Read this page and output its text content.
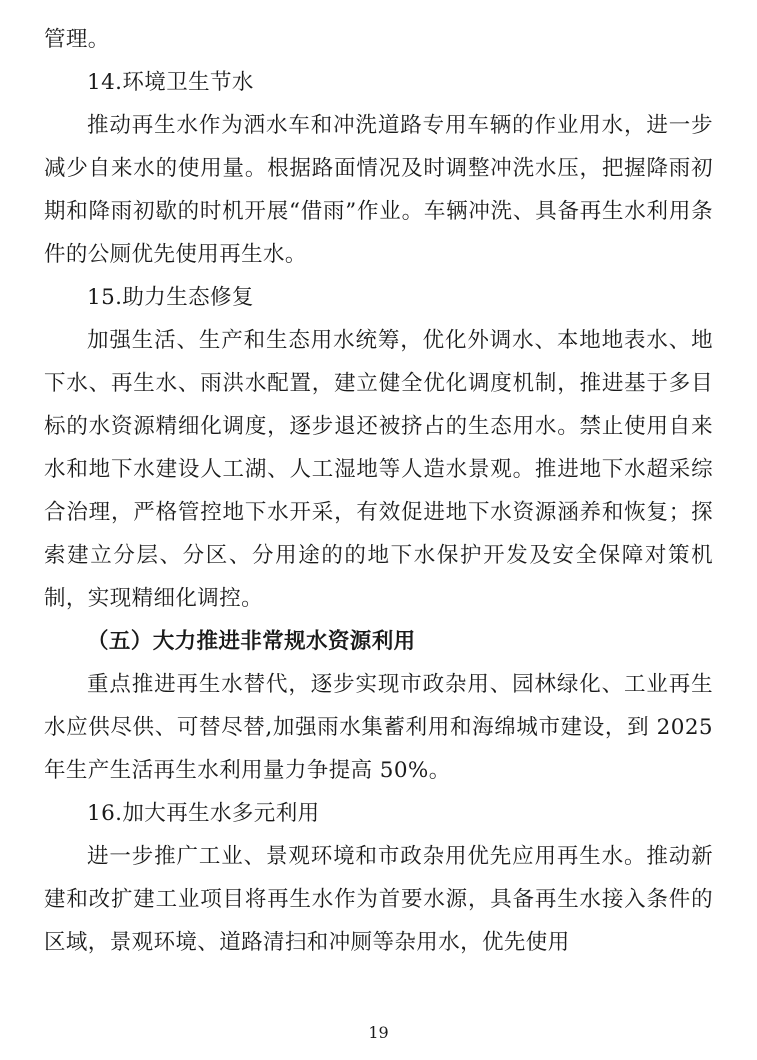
管理。

14.环境卫生节水

推动再生水作为洒水车和冲洗道路专用车辆的作业用水，进一步减少自来水的使用量。根据路面情况及时调整冲洗水压，把握降雨初期和降雨初歇的时机开展“借雨”作业。车辆冲洗、具备再生水利用条件的公厕优先使用再生水。

15.助力生态修复

加强生活、生产和生态用水统筹，优化外调水、本地地表水、地下水、再生水、雨洪水配置，建立健全优化调度机制，推进基于多目标的水资源精细化调度，逐步退还被挤占的生态用水。禁止使用自来水和地下水建设人工湖、人工湿地等人造水景观。推进地下水超采综合治理，严格管控地下水开采，有效促进地下水资源涵养和恢复；探索建立分层、分区、分用途的的地下水保护开发及安全保障对策机制，实现精细化调控。

（五）大力推进非常规水资源利用

重点推进再生水替代，逐步实现市政杂用、园林绿化、工业再生水应供尽供、可替尽替,加强雨水集蓄利用和海绵城市建设，到 2025 年生产生活再生水利用量力争提高 50%。

16.加大再生水多元利用

进一步推广工业、景观环境和市政杂用优先应用再生水。推动新建和改扩建工业项目将再生水作为首要水源，具备再生水接入条件的区域，景观环境、道路清扫和冲厕等杂用水，优先使用

19
